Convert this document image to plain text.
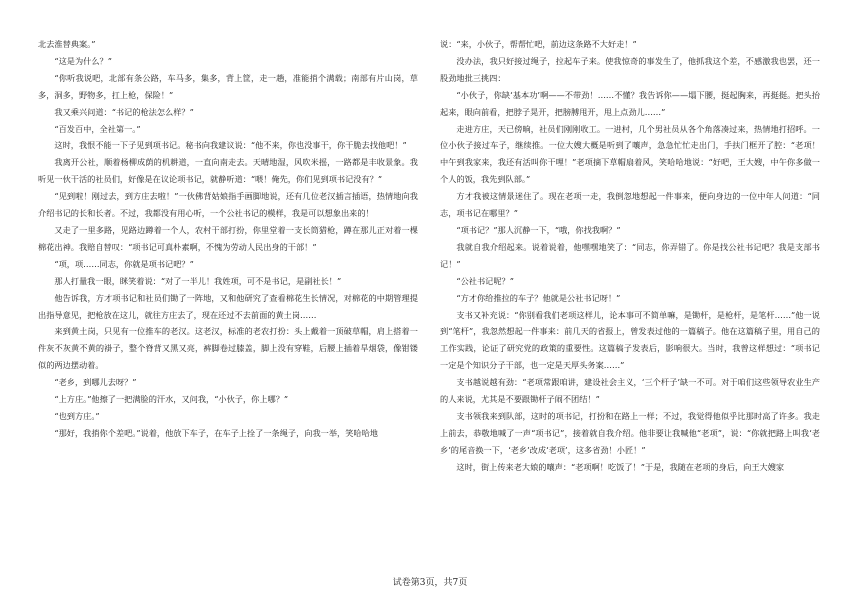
北去淮替典案。”

“这是为什么？”

“你听我说吧，北部有条公路，车马多，集多，背上筐，走一趟，准能捎个满载；南部有片山岗，草多，洞多，野物多，扛上枪，保险！”

我又乘兴问道：“书记的枪法怎么样？”

“百发百中，全社第一。”

这时，我恨不能一下子见到项书记。秘书向我建议说：“他不来，你也没事干，你干脆去找他吧！”

我离开公社，顺着杨柳成荫的机耕道，一直向南走去。天晴地湿，风吹米摇，一路都是丰收景象。我听见一伙干活的社员们，好像是在议论项书记，就静听道：“喂！俺先，你们见到项书记没有？”

“见到啦！刚过去，到方庄去啦！”一伙佛背姑娘指手画脚地说，还有几位老汉插言插语，热情地向我介绍书记的长和长者。不过，我都没有用心听，一个公社书记的模样，我是可以想象出来的！

又走了一里多路，见路边蹲着一个人，农村干部打扮，你里堂着一支长筒猎枪，蹲在那儿正对着一棵棉花出神。我赔自替叹：“项书记可真朴素啊，不愧为劳动人民出身的干部！”

“项，项……同志，你就是项书记吧？”

那人打量我一眼，眯笑着说：“对了一半儿！我姓项，可不是书记，是副社长！”

他告诉我，方才项书记和社员们锄了一阵地，又和他研究了查看棉花生长情况，对棉花的中期管理提出指导意见，把枪放在这儿，就往方庄去了，现在还过不去前面的黄土岗……

来到黄土岗，只见有一位推车的老汉。这老汉，标准的老农打扮：头上戴着一顶破草帽，肩上搭着一件灰不灰黄不黄的褂子，整个脊背又黑又亮，裤脚卷过膝盖，脚上没有穿鞋，后腰上插着旱烟袋，像钳镂似的两边摆动着。

“老乡，到哪儿去呀？”

“上方庄。”他擦了一把满脸的汗水，又问我，“小伙子，你上哪？”

“也到方庄。”

“那好，我捎你个差吧。”说着，他放下车子，在车子上拴了一条绳子，向我一举，笑哈哈地

说：“来，小伙子，帮帮忙吧，前边这条路不大好走！”

没办法，我只好接过绳子，拉起车子来。使我惊奇的事发生了，他抓我这个差，不感激我也罢，还一股劲地批三挑四：

“小伙子，你缺‘基本功’啊——不带劲！……不懂？我告诉你——塌下腰，挺起胸来，再挺挺。把头抬起来，眼向前看，把脖子晃开，把膀膊甩开，甩上点劲儿……”

走进方庄，天已傍晌，社员们刚刚收工。一进村，几个男社员从各个角落凑过来，热情地打招呼。一位小伙子接过车子，继续推。一位大嫂大概是听到了嚷声，急急忙忙走出门，手扶门框开了腔：“老项！中午到我家来，我还有活叫你干哩！”老项摘下草帽扇着风，笑哈哈地说：“好吧，王大嫂，中午你多做一个人的饭，我先到队部。”

方才我被这情景迷住了。现在老项一走，我倒忽地想起一件事来，便向身边的一位中年人问道：“同志，项书记在哪里？”

“项书记？”那人沉静一下，“哦，你找我啊？”

我就自我介绍起来。说着说着，他嘿嘿地笑了：“同志，你弄错了。你是找公社书记吧？我是支部书记！”

“公社书记呢？”

“方才你给推拉的车子？他就是公社书记呀！”

支书又补充说：“你别看我们老项这样儿，论本事可不简单嘛，是锄杆，是枪杆，是笔杆……”他一说到“笔杆”，我忽然想起一件事来：前几天的省报上，曾发表过他的一篇稿子。他在这篇稿子里，用自己的工作实践，论证了研究党的政策的重要性。这篇稿子发表后，影响很大。当时，我曾这样想过：“项书记一定是个知识分子干部，也一定是天厚头务案……”

支书越说越有劲：“老项常跟咱讲，建设社会主义，‘三个杆子’缺一不可。对于咱们这些领导农业生产的人来说，尤其是不要跟锄杆子闹不团结！”

支书领我来到队部，这时的项书记，打扮和在路上一样；不过，我觉得他似乎比那时高了许多。我走上前去，恭敬地喊了一声“项书记”，接着就自我介绍。他非要让我喊他“老项”，说：“你就把路上叫我‘老乡’的尾音换一下，‘老乡’改成‘老项’，这多省劲！小匠！”

这时，街上传来老大娘的嚷声：“老项啊！吃饭了！”于是，我随在老项的身后，向王大嫂家

试卷第3页，共7页
